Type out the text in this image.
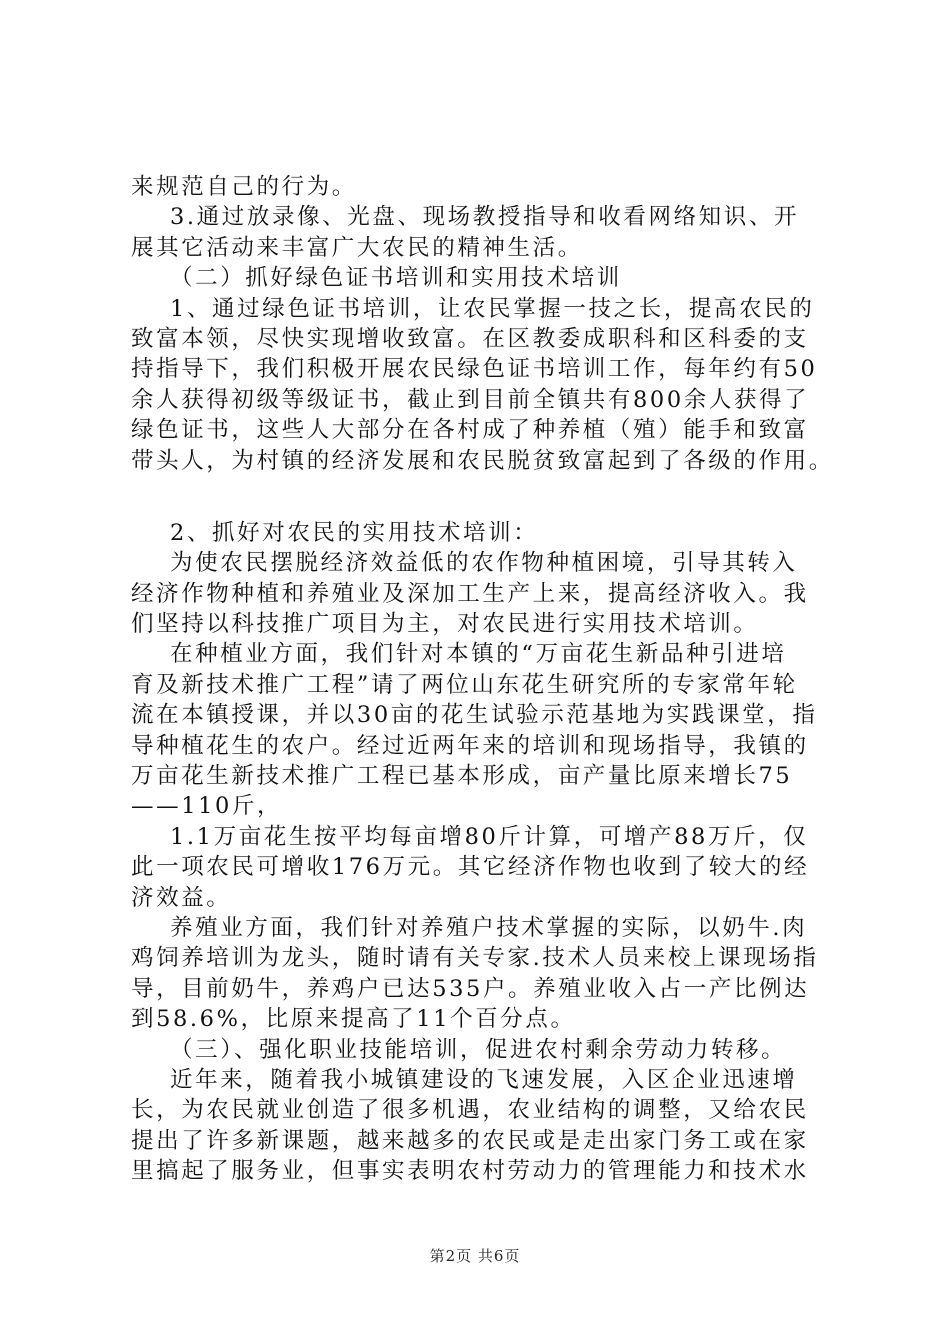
来规范自己的行为。
3.通过放录像、光盘、现场教授指导和收看网络知识、开
展其它活动来丰富广大农民的精神生活。
（二）抓好绿色证书培训和实用技术培训
1、通过绿色证书培训，让农民掌握一技之长，提高农民的
致富本领，尽快实现增收致富。在区教委成职科和区科委的支
持指导下，我们积极开展农民绿色证书培训工作，每年约有50
余人获得初级等级证书，截止到目前全镇共有800余人获得了
绿色证书，这些人大部分在各村成了种养植（殖）能手和致富
带头人，为村镇的经济发展和农民脱贫致富起到了各级的作用。
2、抓好对农民的实用技术培训：
为使农民摆脱经济效益低的农作物种植困境，引导其转入
经济作物种植和养殖业及深加工生产上来，提高经济收入。我
们坚持以科技推广项目为主，对农民进行实用技术培训。
在种植业方面，我们针对本镇的“万亩花生新品种引进培
育及新技术推广工程”请了两位山东花生研究所的专家常年轮
流在本镇授课，并以30亩的花生试验示范基地为实践课堂，指
导种植花生的农户。经过近两年来的培训和现场指导，我镇的
万亩花生新技术推广工程已基本形成，亩产量比原来增长75
——110斤，
1.1万亩花生按平均每亩增80斤计算，可增产88万斤，仅
此一项农民可增收176万元。其它经济作物也收到了较大的经
济效益。
养殖业方面，我们针对养殖户技术掌握的实际，以奶牛.肉
鸡饲养培训为龙头，随时请有关专家.技术人员来校上课现场指
导，目前奶牛，养鸡户已达535户。养殖业收入占一产比例达
到58.6%，比原来提高了11个百分点。
（三）、强化职业技能培训，促进农村剩余劳动力转移。
近年来，随着我小城镇建设的飞速发展，入区企业迅速增
长，为农民就业创造了很多机遇，农业结构的调整，又给农民
提出了许多新课题，越来越多的农民或是走出家门务工或在家
里搞起了服务业，但事实表明农村劳动力的管理能力和技术水
第2页 共6页
